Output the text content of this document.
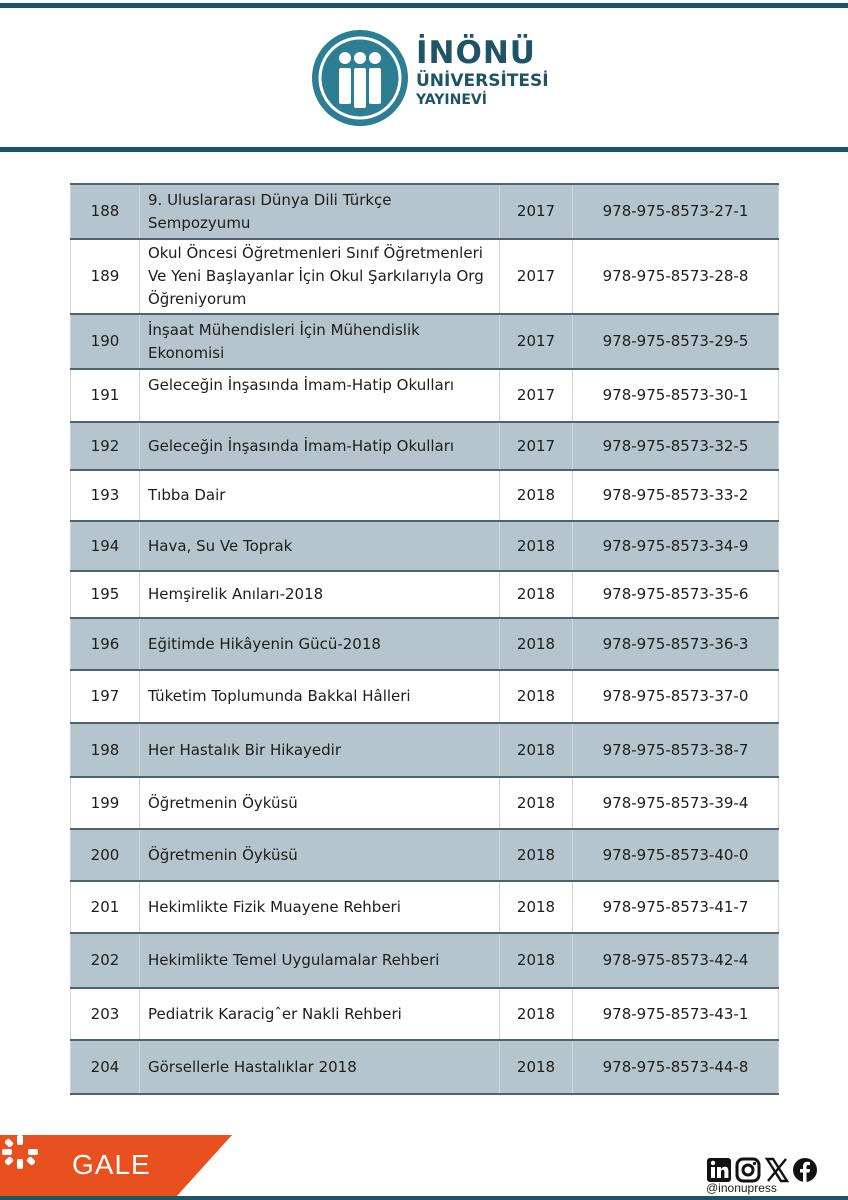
İNÖNÜ
ÜNİVERSİTESİ
YAYINEVİ
188	9. Uluslararası Dünya Dili Türkçe Sempozyumu	2017	978-975-8573-27-1
189	Okul Öncesi Öğretmenleri Sınıf Öğretmenleri Ve Yeni Başlayanlar İçin Okul Şarkılarıyla Org Öğreniyorum	2017	978-975-8573-28-8
190	İnşaat Mühendisleri İçin Mühendislik Ekonomisi	2017	978-975-8573-29-5
191	Geleceğin İnşasında İmam-Hatip Okulları	2017	978-975-8573-30-1
192	Geleceğin İnşasında İmam-Hatip Okulları	2017	978-975-8573-32-5
193	Tıbba Dair	2018	978-975-8573-33-2
194	Hava, Su Ve Toprak	2018	978-975-8573-34-9
195	Hemşirelik Anıları-2018	2018	978-975-8573-35-6
196	Eğitimde Hikâyenin Gücü-2018	2018	978-975-8573-36-3
197	Tüketim Toplumunda Bakkal Hâlleri	2018	978-975-8573-37-0
198	Her Hastalık Bir Hikayedir	2018	978-975-8573-38-7
199	Öğretmenin Öyküsü	2018	978-975-8573-39-4
200	Öğretmenin Öyküsü	2018	978-975-8573-40-0
201	Hekimlikte Fizik Muayene Rehberi	2018	978-975-8573-41-7
202	Hekimlikte Temel Uygulamalar Rehberi	2018	978-975-8573-42-4
203	Pediatrik Karacigˆer Nakli Rehberi	2018	978-975-8573-43-1
204	Görsellerle Hastalıklar 2018	2018	978-975-8573-44-8
GALE
@inonupress
